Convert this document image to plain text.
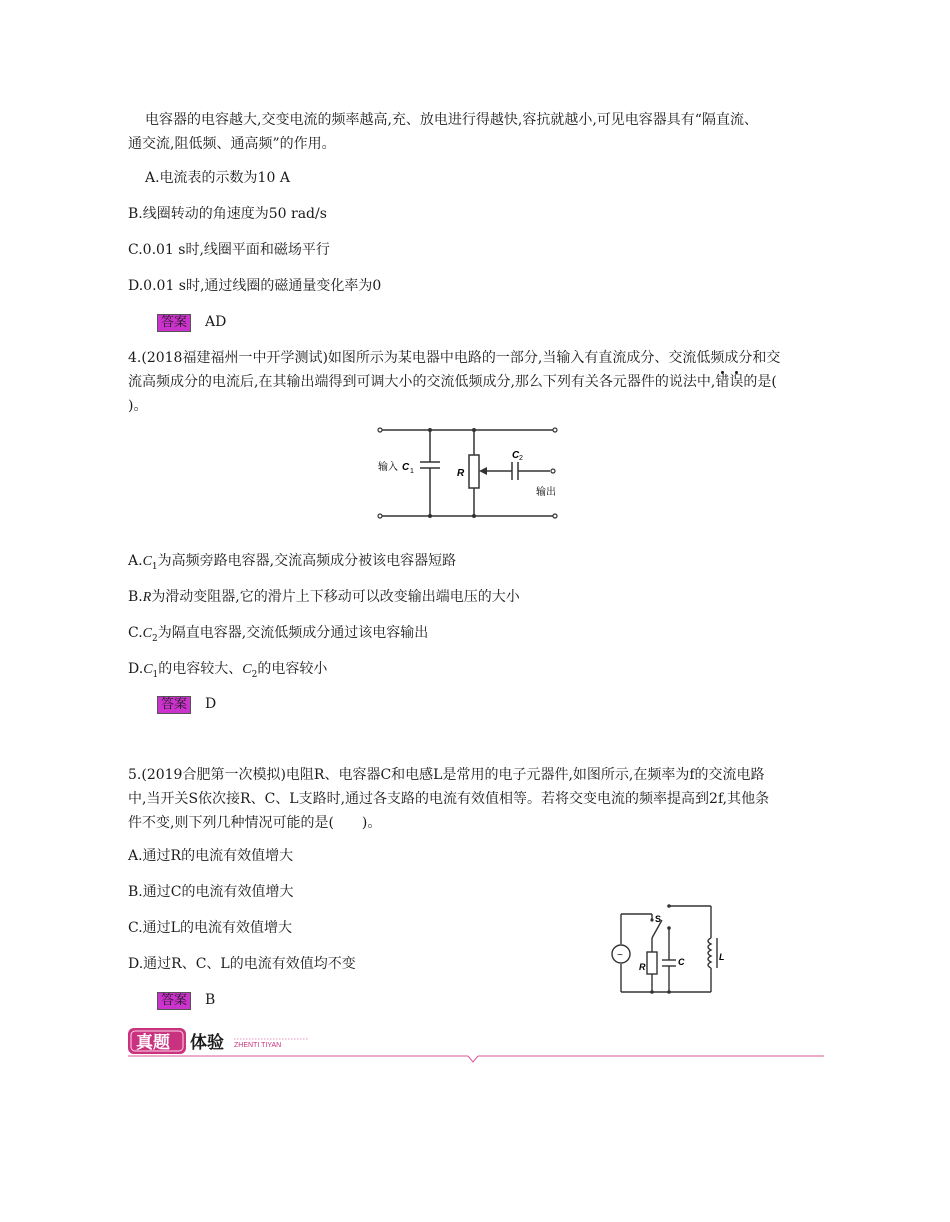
电容器的电容越大,交变电流的频率越高,充、放电进行得越快,容抗就越小,可见电容器具有“隔直流、
通交流,阻低频、通高频”的作用。
A.电流表的示数为10 A
B.线圈转动的角速度为50 rad/s
C.0.01 s时,线圈平面和磁场平行
D.0.01 s时,通过线圈的磁通量变化率为0
答案 AD
4.(2018福建福州一中开学测试)如图所示为某电器中电路的一部分,当输入有直流成分、交流低频成分和交
流高频成分的电流后,在其输出端得到可调大小的交流低频成分,那么下列有关各元器件的说法中,错误的是(
)。
输入 C 1	R
C 2
输出
$A.C_1$为高频旁路电容器,交流高频成分被该电容器短路
B.R为滑动变阻器,它的滑片上下移动可以改变输出端电压的大小
$C.C_2$为隔直电容器,交流低频成分通过该电容输出
$D.C_1$的电容较大、$C_2$的电容较小
答案 D
5.(2019合肥第一次模拟)电阻R、电容器C和电感L是常用的电子元器件,如图所示,在频率为f的交流电路
中,当开关S依次接R、C、L支路时,通过各支路的电流有效值相等。若将交变电流的频率提高到2f,其他条
件不变,则下列几种情况可能的是(　　)。
A.通过R的电流有效值增大
B.通过C的电流有效值增大
C.通过L的电流有效值增大
D.通过R、C、L的电流有效值均不变
答案 B
~
S
R	C	L
真题 体验 ZHENTI TIYAN
